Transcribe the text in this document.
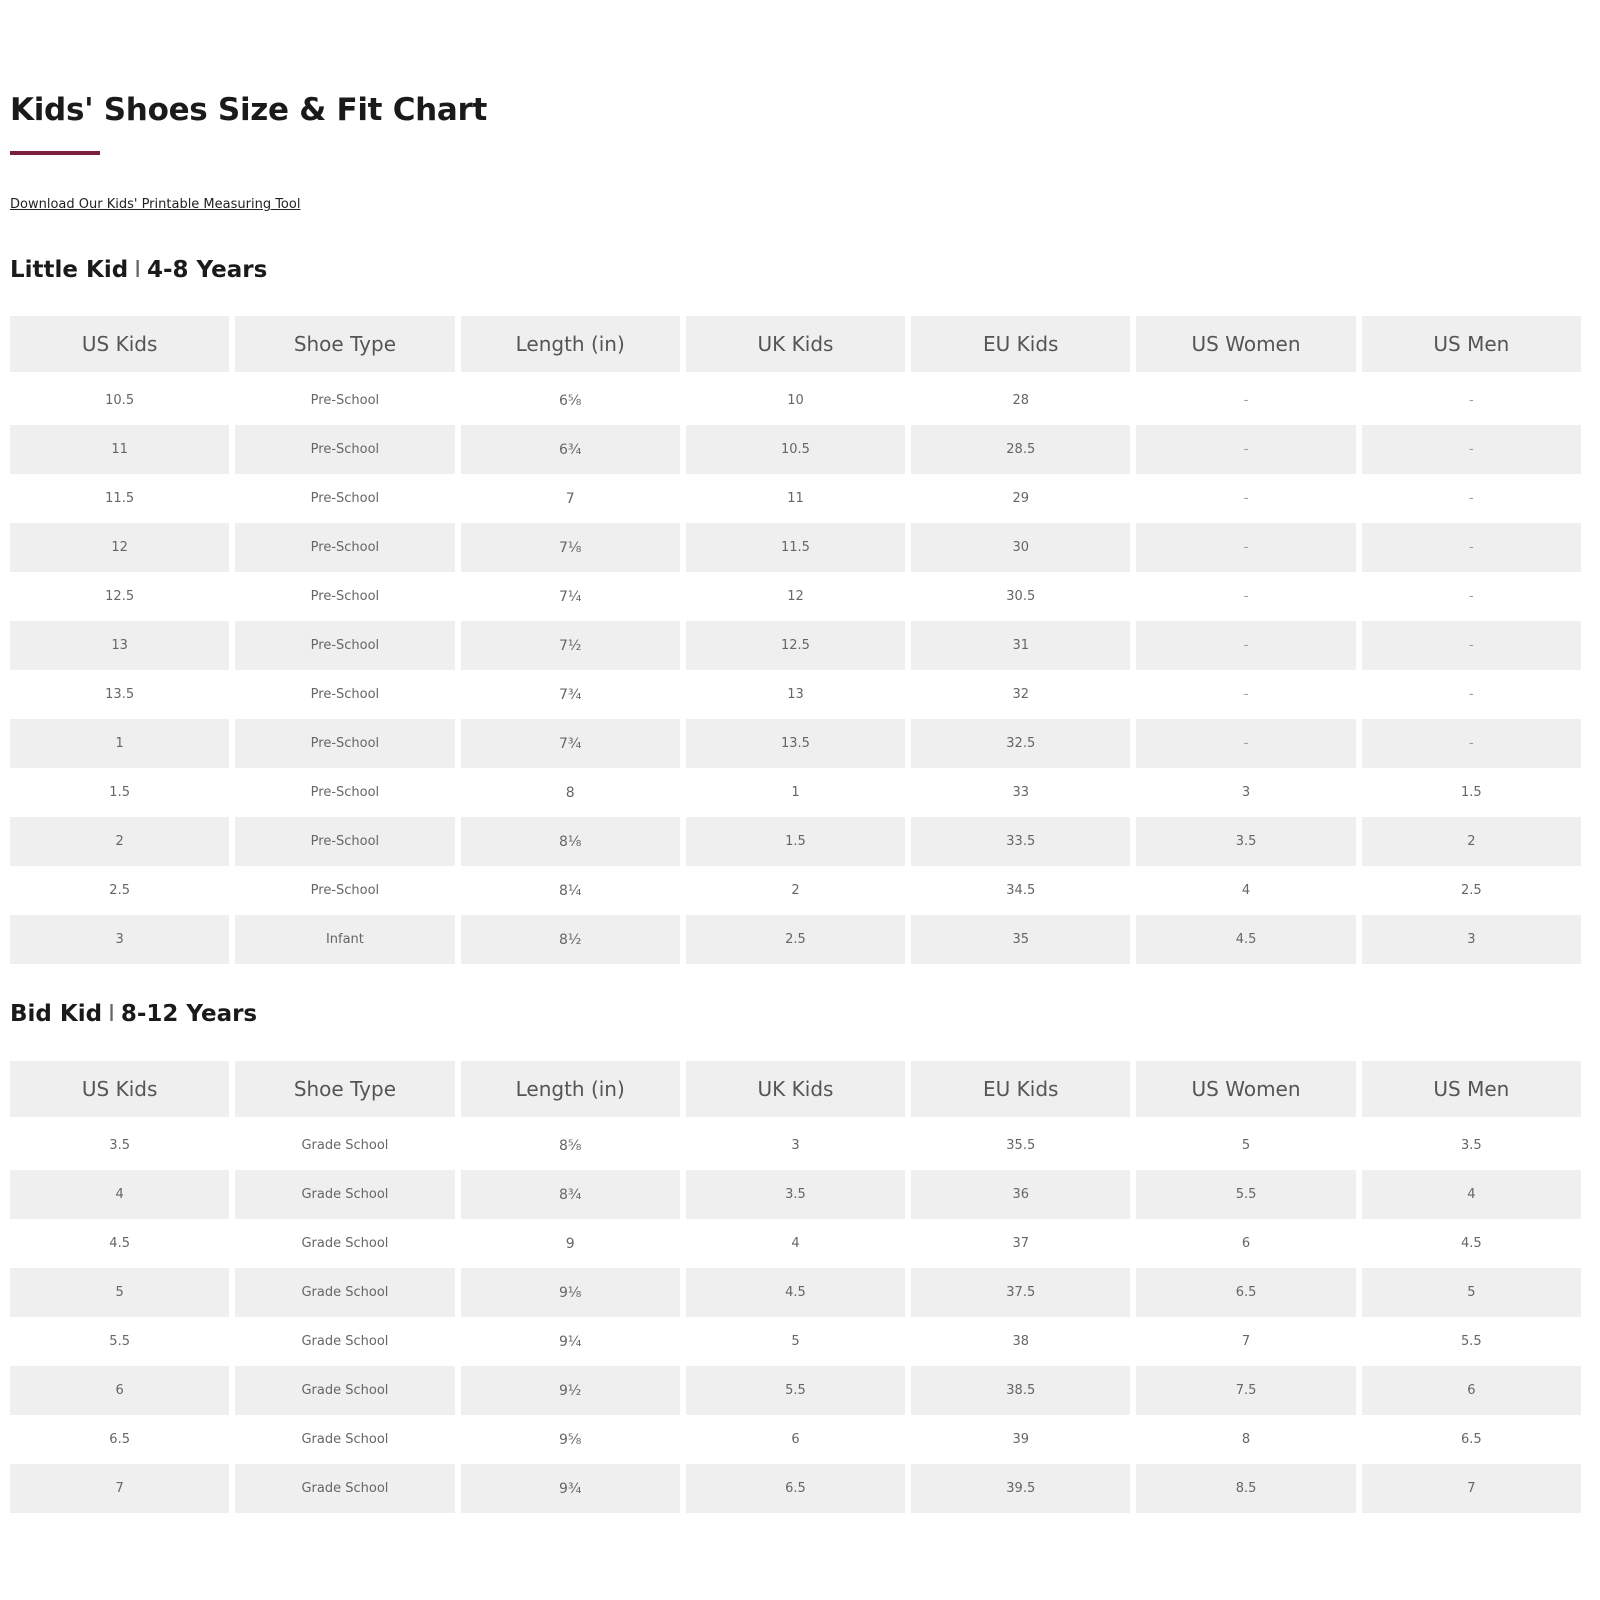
Kids' Shoes Size & Fit Chart
Download Our Kids' Printable Measuring Tool
Little Kid I 4-8 Years
US Kids	Shoe Type	Length (in)	UK Kids	EU Kids	US Women	US Men
10.5	Pre-School	6⁵⁄₈	10	28	-	-
11	Pre-School	6³⁄₄	10.5	28.5	-	-
11.5	Pre-School	7	11	29	-	-
12	Pre-School	7¹⁄₈	11.5	30	-	-
12.5	Pre-School	7¹⁄₄	12	30.5	-	-
13	Pre-School	7¹⁄₂	12.5	31	-	-
13.5	Pre-School	7³⁄₄	13	32	-	-
1	Pre-School	7³⁄₄	13.5	32.5	-	-
1.5	Pre-School	8	1	33	3	1.5
2	Pre-School	8¹⁄₈	1.5	33.5	3.5	2
2.5	Pre-School	8¹⁄₄	2	34.5	4	2.5
3	Infant	8¹⁄₂	2.5	35	4.5	3
Bid Kid I 8-12 Years
US Kids	Shoe Type	Length (in)	UK Kids	EU Kids	US Women	US Men
3.5	Grade School	8⁵⁄₈	3	35.5	5	3.5
4	Grade School	8³⁄₄	3.5	36	5.5	4
4.5	Grade School	9	4	37	6	4.5
5	Grade School	9¹⁄₈	4.5	37.5	6.5	5
5.5	Grade School	9¹⁄₄	5	38	7	5.5
6	Grade School	9¹⁄₂	5.5	38.5	7.5	6
6.5	Grade School	9⁵⁄₈	6	39	8	6.5
7	Grade School	9³⁄₄	6.5	39.5	8.5	7
